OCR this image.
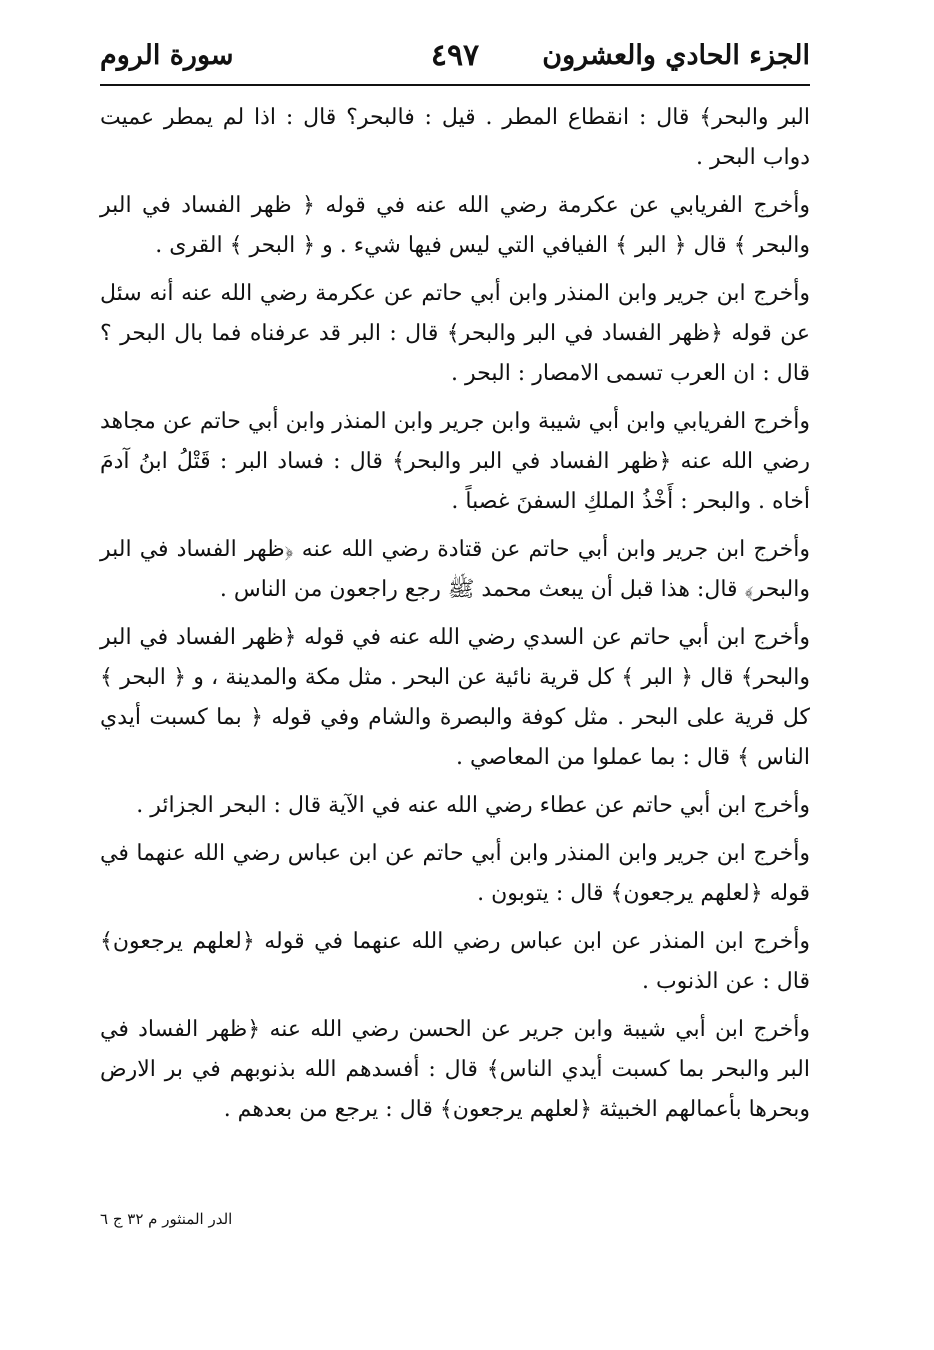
الجزء الحادي والعشرون
٤٩٧
سورة الروم

البر والبحر﴾ قال : انقطاع المطر . قيل : فالبحر؟ قال : اذا لم يمطر عميت دواب البحر .

وأخرج الفريابي عن عكرمة رضي الله عنه في قوله ﴿ ظهر الفساد في البر والبحر ﴾ قال ﴿ البر ﴾ الفيافي التي ليس فيها شيء . و ﴿ البحر ﴾ القرى .

وأخرج ابن جرير وابن المنذر وابن أبي حاتم عن عكرمة رضي الله عنه أنه سئل عن قوله ﴿ظهر الفساد في البر والبحر﴾ قال : البر قد عرفناه فما بال البحر ؟ قال : ان العرب تسمى الامصار : البحر .

وأخرج الفريابي وابن أبي شيبة وابن جرير وابن المنذر وابن أبي حاتم عن مجاهد رضي الله عنه ﴿ظهر الفساد في البر والبحر﴾ قال : فساد البر : قَتْلُ ابنُ آدمَ أخاه . والبحر : أَخْذُ الملكِ السفنَ غصباً .

وأخرج ابن جرير وابن أبي حاتم عن قتادة رضي الله عنه ﴿ظهر الفساد في البر والبحر﴾ قال: هذا قبل أن يبعث محمد ﷺ رجع راجعون من الناس .

وأخرج ابن أبي حاتم عن السدي رضي الله عنه في قوله ﴿ظهر الفساد في البر والبحر﴾ قال ﴿ البر ﴾ كل قرية نائية عن البحر . مثل مكة والمدينة ، و ﴿ البحر ﴾ كل قرية على البحر . مثل كوفة والبصرة والشام وفي قوله ﴿ بما كسبت أيدي الناس ﴾ قال : بما عملوا من المعاصي .

وأخرج ابن أبي حاتم عن عطاء رضي الله عنه في الآية قال : البحر الجزائر .

وأخرج ابن جرير وابن المنذر وابن أبي حاتم عن ابن عباس رضي الله عنهما في قوله ﴿لعلهم يرجعون﴾ قال : يتوبون .

وأخرج ابن المنذر عن ابن عباس رضي الله عنهما في قوله ﴿لعلهم يرجعون﴾ قال : عن الذنوب .

وأخرج ابن أبي شيبة وابن جرير عن الحسن رضي الله عنه ﴿ظهر الفساد في البر والبحر بما كسبت أيدي الناس﴾ قال : أفسدهم الله بذنوبهم في بر الارض وبحرها بأعمالهم الخبيثة ﴿لعلهم يرجعون﴾ قال : يرجع من بعدهم .

الدر المنثور م ٣٢ ج ٦
